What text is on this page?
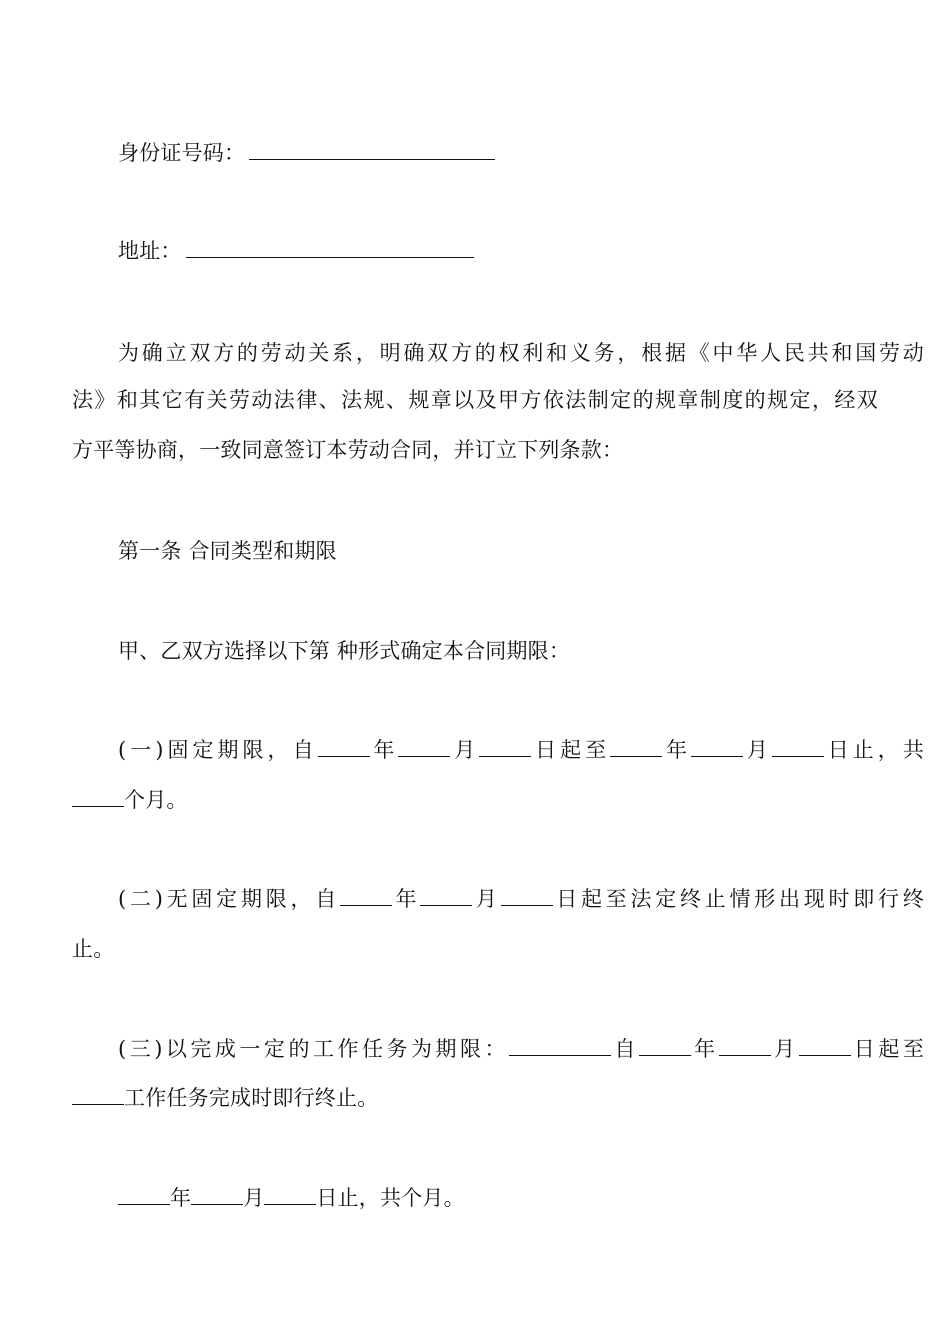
身份证号码：
地址：
为确立双方的劳动关系，明确双方的权利和义务，根据《中华人民共和国劳动
法》和其它有关劳动法律、法规、规章以及甲方依法制定的规章制度的规定，经双
方平等协商，一致同意签订本劳动合同，并订立下列条款：
第一条 合同类型和期限
甲、乙双方选择以下第 种形式确定本合同期限：
(一)固定期限，自 年 月 日起至 年 月 日止，共
个月。
(二)无固定期限，自 年 月 日起至法定终止情形出现时即行终
止。
(三)以完成一定的工作任务为期限：	自 年 月 日起至
工作任务完成时即行终止。
年 月 日止，共个月。
